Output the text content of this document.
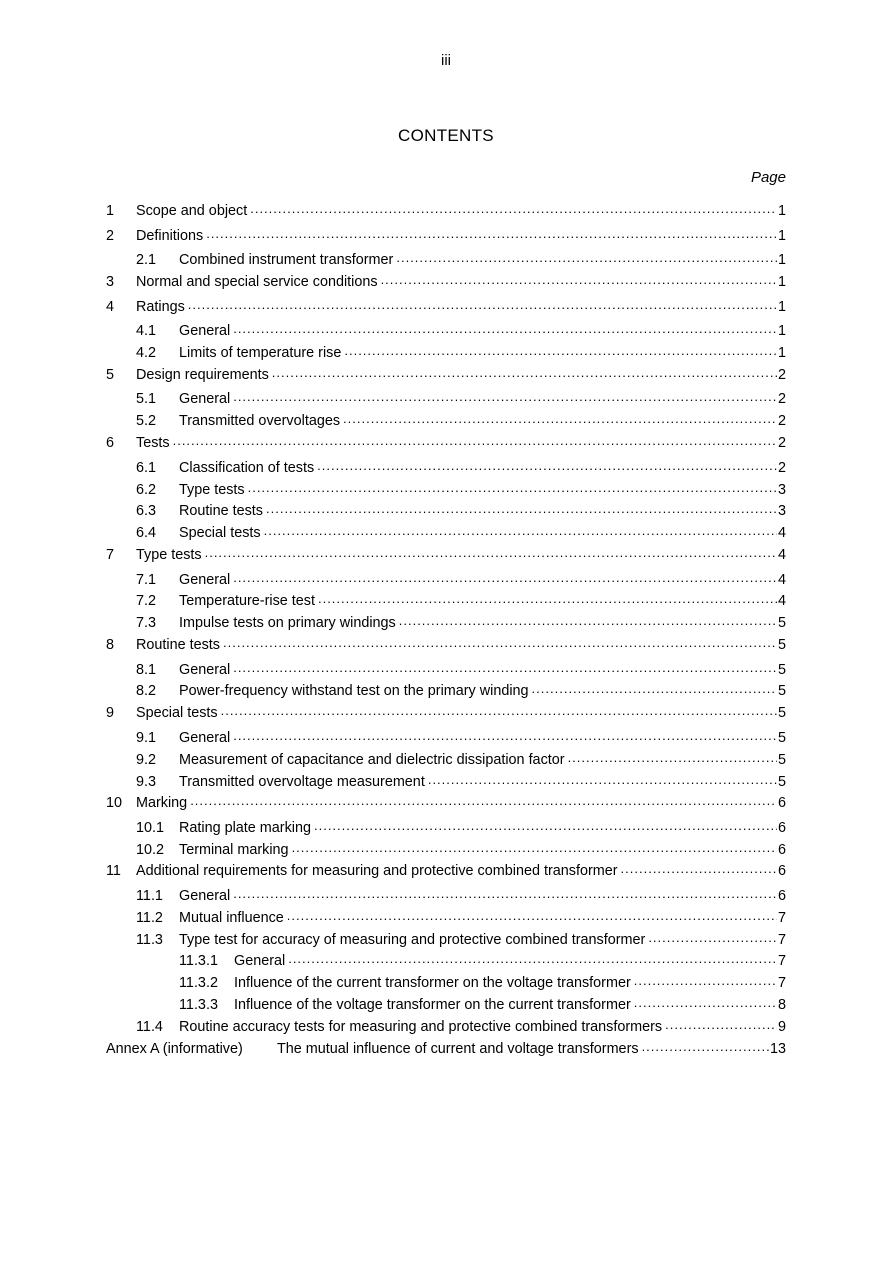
iii
CONTENTS
Page
1	Scope and object .....	1
2	Definitions .....	1
2.1	Combined instrument transformer .....	1
3	Normal and special service conditions .....	1
4	Ratings .....	1
4.1	General .....	1
4.2	Limits of temperature rise .....	1
5	Design requirements .....	2
5.1	General .....	2
5.2	Transmitted overvoltages .....	2
6	Tests .....	2
6.1	Classification of tests .....	2
6.2	Type tests .....	3
6.3	Routine tests .....	3
6.4	Special tests .....	4
7	Type tests .....	4
7.1	General .....	4
7.2	Temperature-rise test .....	4
7.3	Impulse tests on primary windings .....	5
8	Routine tests .....	5
8.1	General .....	5
8.2	Power-frequency withstand test on the primary winding .....	5
9	Special tests .....	5
9.1	General .....	5
9.2	Measurement of capacitance and dielectric dissipation factor .....	5
9.3	Transmitted overvoltage measurement .....	5
10 Marking .....	6
10.1	Rating plate marking .....	6
10.2	Terminal marking .....	6
11	Additional requirements for measuring and protective combined transformer .....	6
11.1	General .....	6
11.2	Mutual influence .....	7
11.3	Type test for accuracy of measuring and protective combined transformer .....	7
11.3.1	General .....	7
11.3.2	Influence of the current transformer on the voltage transformer .....	7
11.3.3	Influence of the voltage transformer on the current transformer .....	8
11.4	Routine accuracy tests for measuring and protective combined transformers .....	9
Annex A (informative)	The mutual influence of current and voltage transformers .....	13
